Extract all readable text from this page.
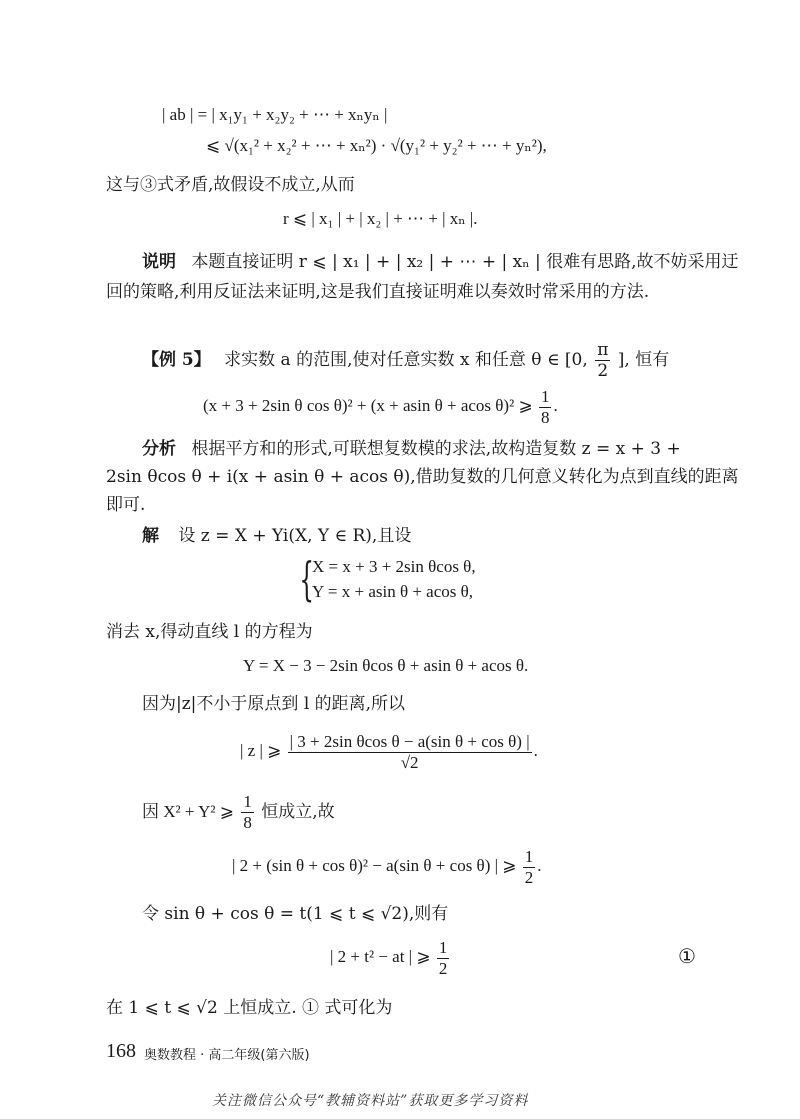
| ab | = | x₁y₁ + x₂y₂ + ⋯ + xₙyₙ |
⩽ √(x₁² + x₂² + ⋯ + xₙ²) · √(y₁² + y₂² + ⋯ + yₙ²),
这与③式矛盾,故假设不成立,从而
r ⩽ | x₁ | + | x₂ | + ⋯ + | xₙ |.
说明 本题直接证明 r ⩽ | x₁ | + | x₂ | + ⋯ + | xₙ | 很难有思路,故不妨采用迂
回的策略,利用反证法来证明,这是我们直接证明难以奏效时常采用的方法.
【例 5】 求实数 a 的范围,使对任意实数 x 和任意 θ ∈ [0, $\frac{\pi}{2}$ ], 恒有
(x + 3 + 2sin θ cos θ)² + (x + asin θ + acos θ)² ⩾ $\frac{1}{8}$ .
分析 根据平方和的形式,可联想复数模的求法,故构造复数 z = x + 3 +
2sin θcos θ + i(x + asin θ + acos θ),借助复数的几何意义转化为点到直线的距离
即可.
解 设 z = X + Yi(X, Y ∈ R),且设
{
X = x + 3 + 2sin θcos θ,
Y = x + asin θ + acos θ,
消去 x,得动直线 l 的方程为
Y = X − 3 − 2sin θcos θ + asin θ + acos θ.
因为|z|不小于原点到 l 的距离,所以
| z | ⩾ $\frac{\text{| 3 + 2sin θcos θ − a(sin θ + cos θ) |}}{√2}$ .
因 X² + Y² ⩾ $\frac{1}{8}$ 恒成立,故
| 2 + (sin θ + cos θ)² − a(sin θ + cos θ) | ⩾ $\frac{1}{2}$ .
令 sin θ + cos θ = t(1 ⩽ t ⩽ √2),则有
| 2 + t² − at | ⩾ $\frac{1}{2}$	①
在 1 ⩽ t ⩽ √2 上恒成立. ① 式可化为
168 奥数教程 · 高二年级(第六版)
关注微信公众号“教辅资料站”获取更多学习资料
